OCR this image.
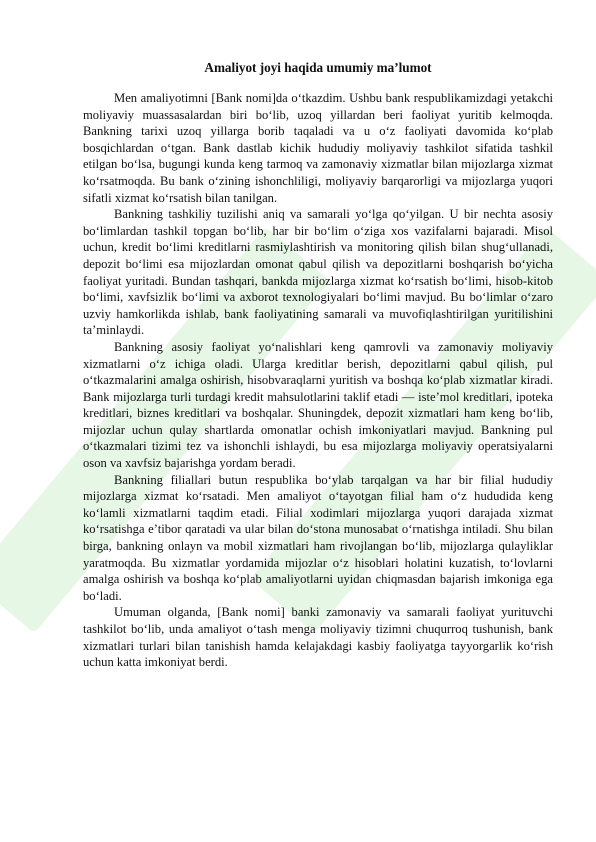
Amaliyot joyi haqida umumiy ma’lumot

Men amaliyotimni [Bank nomi]da o‘tkazdim. Ushbu bank respublikamizdagi yetakchi moliyaviy muassasalardan biri bo‘lib, uzoq yillardan beri faoliyat yuritib kelmoqda. Bankning tarixi uzoq yillarga borib taqaladi va u o‘z faoliyati davomida ko‘plab bosqichlardan o‘tgan. Bank dastlab kichik hududiy moliyaviy tashkilot sifatida tashkil etilgan bo‘lsa, bugungi kunda keng tarmoq va zamonaviy xizmatlar bilan mijozlarga xizmat ko‘rsatmoqda. Bu bank o‘zining ishonchliligi, moliyaviy barqarorligi va mijozlarga yuqori sifatli xizmat ko‘rsatish bilan tanilgan.

Bankning tashkiliy tuzilishi aniq va samarali yo‘lga qo‘yilgan. U bir nechta asosiy bo‘limlardan tashkil topgan bo‘lib, har bir bo‘lim o‘ziga xos vazifalarni bajaradi. Misol uchun, kredit bo‘limi kreditlarni rasmiylashtirish va monitoring qilish bilan shug‘ullanadi, depozit bo‘limi esa mijozlardan omonat qabul qilish va depozitlarni boshqarish bo‘yicha faoliyat yuritadi. Bundan tashqari, bankda mijozlarga xizmat ko‘rsatish bo‘limi, hisob-kitob bo‘limi, xavfsizlik bo‘limi va axborot texnologiyalari bo‘limi mavjud. Bu bo‘limlar o‘zaro uzviy hamkorlikda ishlab, bank faoliyatining samarali va muvofiqlashtirilgan yuritilishini ta’minlaydi.

Bankning asosiy faoliyat yo‘nalishlari keng qamrovli va zamonaviy moliyaviy xizmatlarni o‘z ichiga oladi. Ularga kreditlar berish, depozitlarni qabul qilish, pul o‘tkazmalarini amalga oshirish, hisobvaraqlarni yuritish va boshqa ko‘plab xizmatlar kiradi. Bank mijozlarga turli turdagi kredit mahsulotlarini taklif etadi — iste’mol kreditlari, ipoteka kreditlari, biznes kreditlari va boshqalar. Shuningdek, depozit xizmatlari ham keng bo‘lib, mijozlar uchun qulay shartlarda omonatlar ochish imkoniyatlari mavjud. Bankning pul o‘tkazmalari tizimi tez va ishonchli ishlaydi, bu esa mijozlarga moliyaviy operatsiyalarni oson va xavfsiz bajarishga yordam beradi.

Bankning filiallari butun respublika bo‘ylab tarqalgan va har bir filial hududiy mijozlarga xizmat ko‘rsatadi. Men amaliyot o‘tayotgan filial ham o‘z hududida keng ko‘lamli xizmatlarni taqdim etadi. Filial xodimlari mijozlarga yuqori darajada xizmat ko‘rsatishga e’tibor qaratadi va ular bilan do‘stona munosabat o‘rnatishga intiladi. Shu bilan birga, bankning onlayn va mobil xizmatlari ham rivojlangan bo‘lib, mijozlarga qulayliklar yaratmoqda. Bu xizmatlar yordamida mijozlar o‘z hisoblari holatini kuzatish, to‘lovlarni amalga oshirish va boshqa ko‘plab amaliyotlarni uyidan chiqmasdan bajarish imkoniga ega bo‘ladi.

Umuman olganda, [Bank nomi] banki zamonaviy va samarali faoliyat yurituvchi tashkilot bo‘lib, unda amaliyot o‘tash menga moliyaviy tizimni chuqurroq tushunish, bank xizmatlari turlari bilan tanishish hamda kelajakdagi kasbiy faoliyatga tayyorgarlik ko‘rish uchun katta imkoniyat berdi.
